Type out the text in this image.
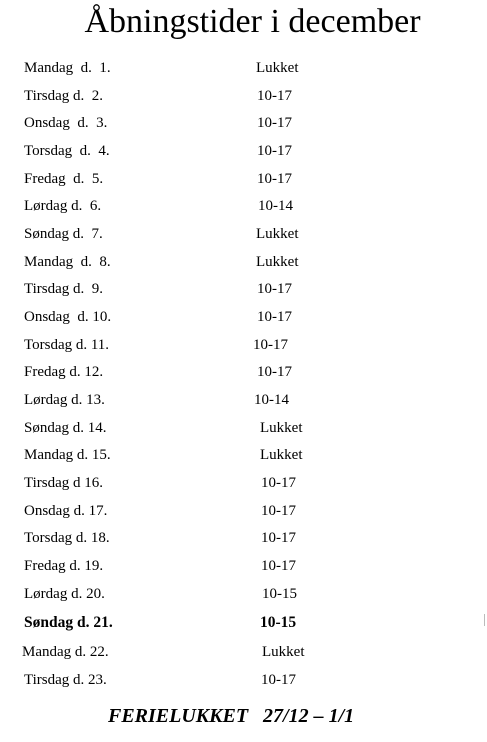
Åbningstider i december
Mandag  d.  1.	Lukket
Tirsdag d.  2.	10-17
Onsdag  d.  3.	10-17
Torsdag  d.  4.	10-17
Fredag  d.  5.	10-17
Lørdag d.  6.	10-14
Søndag d.  7.	Lukket
Mandag  d.  8.	Lukket
Tirsdag d.  9.	10-17
Onsdag  d. 10.	10-17
Torsdag d. 11.	10-17
Fredag d. 12.	10-17
Lørdag d. 13.	10-14
Søndag d. 14.	Lukket
Mandag d. 15.	Lukket
Tirsdag d 16.	10-17
Onsdag d. 17.	10-17
Torsdag d. 18.	10-17
Fredag d. 19.	10-17
Lørdag d. 20.	10-15
Søndag d. 21.	10-15
Mandag d. 22.	Lukket
Tirsdag d. 23.	10-17
FERIELUKKET   27/12 – 1/1
